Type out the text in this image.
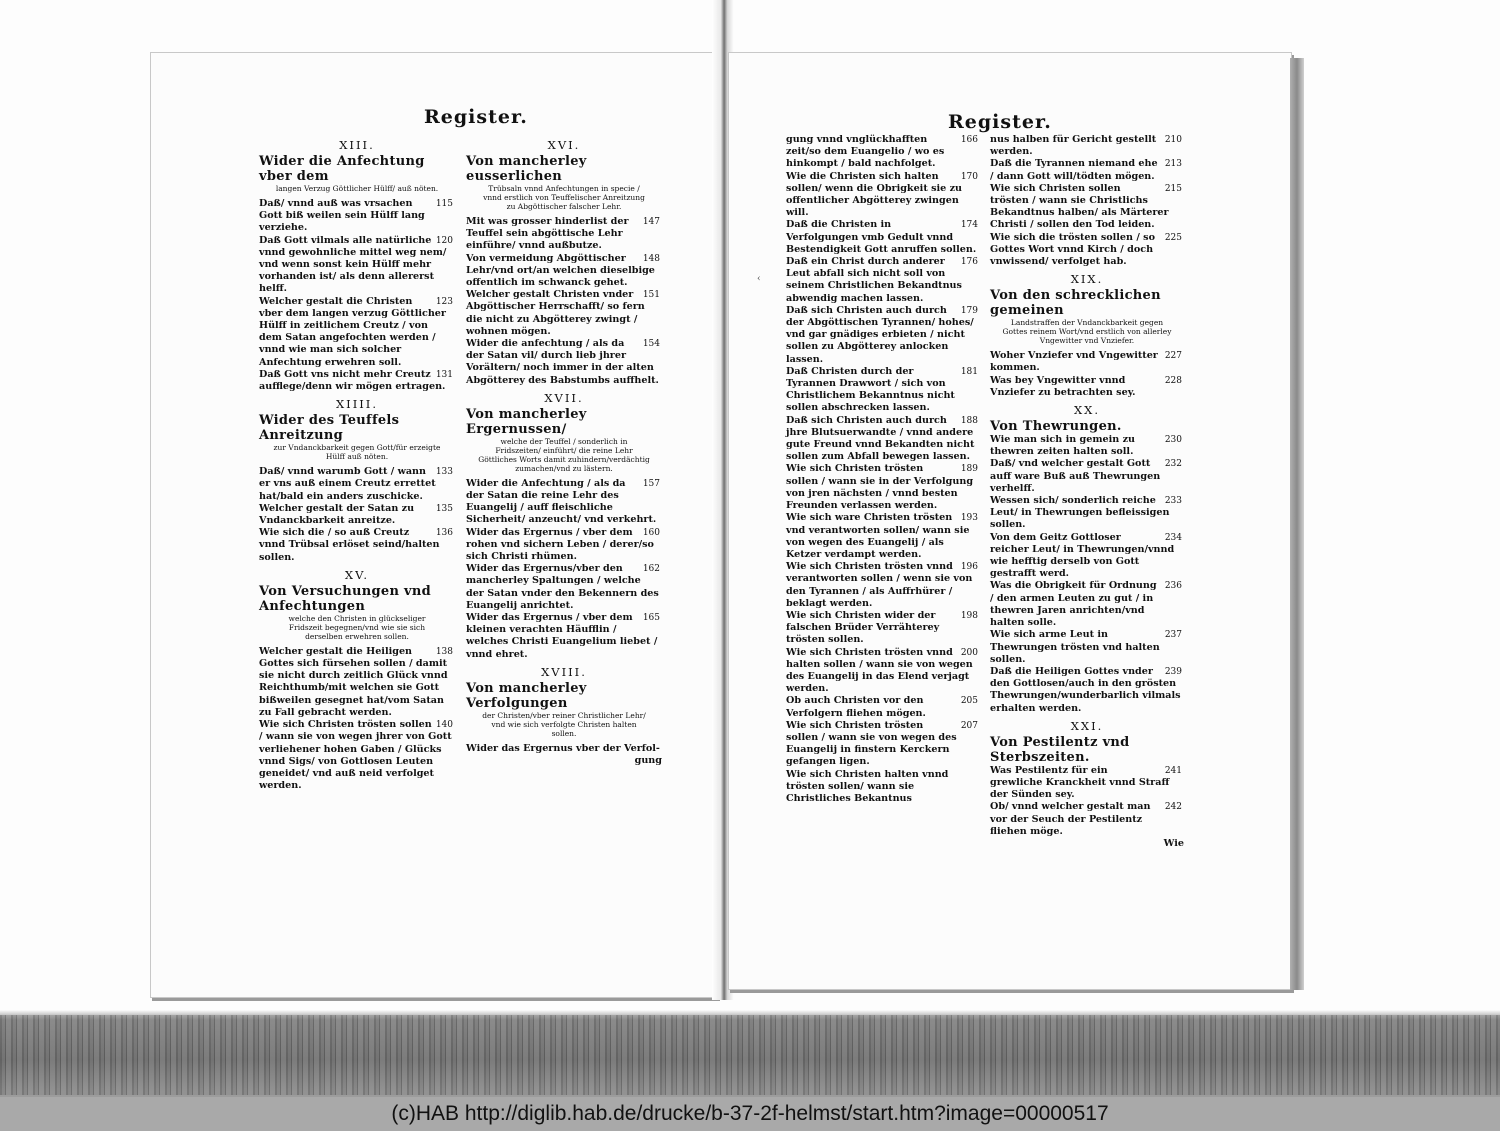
‹
Register.	Register.
XIII.
Wider die Anfechtung vber dem
langen Verzug Göttlicher Hülff/ auß nöten.
115
Daß/ vnnd auß was vrsachen Gott biß weilen sein Hülff lang verziehe.
120
Daß Gott vilmals alle natürliche vnnd gewohnliche mittel weg nem/ vnd wenn sonst kein Hülff mehr vorhanden ist/ als denn allererst helff.
123
Welcher gestalt die Christen vber dem langen verzug Göttlicher Hülff in zeitlichem Creutz / von dem Satan angefochten werden / vnnd wie man sich solcher Anfechtung erwehren soll.
131
Daß Gott vns nicht mehr Creutz aufflege/denn wir mögen ertragen.
XIIII.
Wider des Teuffels Anreitzung
zur Vndanckbarkeit gegen Gott/für erzeigte Hülff auß nöten.
133
Daß/ vnnd warumb Gott / wann er vns auß einem Creutz errettet hat/bald ein anders zuschicke.
135
Welcher gestalt der Satan zu Vndanckbarkeit anreitze.
136
Wie sich die / so auß Creutz vnnd Trübsal erlöset seind/halten sollen.
XV.
Von Versuchungen vnd Anfechtungen
welche den Christen in glückseliger Fridszeit begegnen/vnd wie sie sich derselben erwehren sollen.
138
Welcher gestalt die Heiligen Gottes sich fürsehen sollen / damit sie nicht durch zeitlich Glück vnnd Reichthumb/mit welchen sie Gott bißweilen gesegnet hat/vom Satan zu Fall gebracht werden.
140
Wie sich Christen trösten sollen / wann sie von wegen jhrer von Gott verliehener hohen Gaben / Glücks vnnd Sigs/ von Gottlosen Leuten geneidet/ vnd auß neid verfolget werden.
XVI.
Von mancherley eusserlichen
Trübsaln vnnd Anfechtungen in specie / vnnd erstlich von Teuffelischer Anreitzung zu Abgöttischer falscher Lehr.
147
Mit was grosser hinderlist der Teuffel sein abgöttische Lehr einführe/ vnnd außbutze.
148
Von vermeidung Abgöttischer Lehr/vnd ort/an welchen dieselbige offentlich im schwanck gehet.
151
Welcher gestalt Christen vnder Abgöttischer Herrschafft/ so fern die nicht zu Abgötterey zwingt / wohnen mögen.
154
Wider die anfechtung / als da der Satan vil/ durch lieb jhrer Vorältern/ noch immer in der alten Abgötterey des Babstumbs auffhelt.
XVII.
Von mancherley Ergernussen/
welche der Teuffel / sonderlich in Fridszeiten/ einführt/ die reine Lehr Göttliches Worts damit zuhindern/verdächtig zumachen/vnd zu lästern.
157
Wider die Anfechtung / als da der Satan die reine Lehr des Euangelij / auff fleischliche Sicherheit/ anzeucht/ vnd verkehrt.
160
Wider das Ergernus / vber dem rohen vnd sichern Leben / derer/so sich Christi rhümen.
162
Wider das Ergernus/vber den mancherley Spaltungen / welche der Satan vnder den Bekennern des Euangelij anrichtet.
165
Wider das Ergernus / vber dem kleinen verachten Häufflin / welches Christi Euangelium liebet / vnnd ehret.
XVIII.
Von mancherley Verfolgungen
der Christen/vber reiner Christlicher Lehr/ vnd wie sich verfolgte Christen halten sollen.
Wider das Ergernus vber der Verfol-
gung
166
gung vnnd vnglückhafften zeit/so dem Euangelio / wo es hinkompt / bald nachfolget.
170
Wie die Christen sich halten sollen/ wenn die Obrigkeit sie zu offentlicher Abgötterey zwingen will.
174
Daß die Christen in Verfolgungen vmb Gedult vnnd Bestendigkeit Gott anruffen sollen.
176
Daß ein Christ durch anderer Leut abfall sich nicht soll von seinem Christlichen Bekandtnus abwendig machen lassen.
179
Daß sich Christen auch durch der Abgöttischen Tyrannen/ hohes/ vnd gar gnädiges erbieten / nicht sollen zu Abgötterey anlocken lassen.
181
Daß Christen durch der Tyrannen Drawwort / sich von Christlichem Bekanntnus nicht sollen abschrecken lassen.
188
Daß sich Christen auch durch jhre Blutsuerwandte / vnnd andere gute Freund vnnd Bekandten nicht sollen zum Abfall bewegen lassen.
189
Wie sich Christen trösten sollen / wann sie in der Verfolgung von jren nächsten / vnnd besten Freunden verlassen werden.
193
Wie sich ware Christen trösten vnd verantworten sollen/ wann sie von wegen des Euangelij / als Ketzer verdampt werden.
196
Wie sich Christen trösten vnnd verantworten sollen / wenn sie von den Tyrannen / als Auffrhürer / beklagt werden.
198
Wie sich Christen wider der falschen Brüder Verrähterey trösten sollen.
200
Wie sich Christen trösten vnnd halten sollen / wann sie von wegen des Euangelij in das Elend verjagt werden.
205
Ob auch Christen vor den Verfolgern fliehen mögen.
207
Wie sich Christen trösten sollen / wann sie von wegen des Euangelij in finstern Kerckern gefangen ligen.
Wie sich Christen halten vnnd trösten sollen/ wann sie Christliches Bekantnus
210
nus halben für Gericht gestellt werden.
213
Daß die Tyrannen niemand ehe / dann Gott will/tödten mögen.
215
Wie sich Christen sollen trösten / wann sie Christlichs Bekandtnus halben/ als Märterer Christi / sollen den Tod leiden.
225
Wie sich die trösten sollen / so Gottes Wort vnnd Kirch / doch vnwissend/ verfolget hab.
XIX.
Von den schrecklichen gemeinen
Landstraffen der Vndanckbarkeit gegen Gottes reinem Wort/vnd erstlich von allerley Vngewitter vnd Vnziefer.
227
Woher Vnziefer vnd Vngewitter kommen.
228
Was bey Vngewitter vnnd Vnziefer zu betrachten sey.
XX.
Von Thewrungen.
230
Wie man sich in gemein zu thewren zeiten halten soll.
232
Daß/ vnd welcher gestalt Gott auff ware Buß auß Thewrungen verhelff.
233
Wessen sich/ sonderlich reiche Leut/ in Thewrungen befleissigen sollen.
234
Von dem Geitz Gottloser reicher Leut/ in Thewrungen/vnnd wie hefftig derselb von Gott gestrafft werd.
236
Was die Obrigkeit für Ordnung / den armen Leuten zu gut / in thewren Jaren anrichten/vnd halten solle.
237
Wie sich arme Leut in Thewrungen trösten vnd halten sollen.
239
Daß die Heiligen Gottes vnder den Gottlosen/auch in den grösten Thewrungen/wunderbarlich vilmals erhalten werden.
XXI.
Von Pestilentz vnd Sterbszeiten.
241
Was Pestilentz für ein grewliche Kranckheit vnnd Straff der Sünden sey.
242
Ob/ vnnd welcher gestalt man vor der Seuch der Pestilentz fliehen möge.
Wie
(c)HAB http://diglib.hab.de/drucke/b-37-2f-helmst/start.htm?image=00000517
